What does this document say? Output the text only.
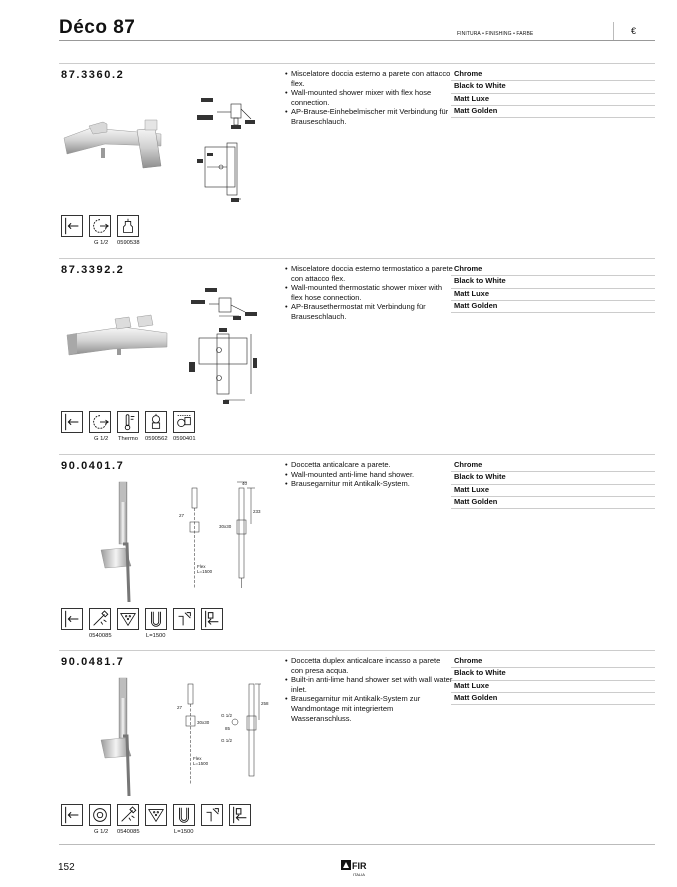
Déco 87	FINITURA • FINISHING • FARBE	€
87.3360.2	• Miscelatore doccia esterno a parete con attacco flex.
• Wall-mounted shower mixer with flex hose connection.
• AP-Brause-Einhebelmischer mit Verbindung für Brauseschlauch.
Chrome
Black to White
Matt Luxe
Matt Golden
G 1/2 0590538
87.3392.2	• Miscelatore doccia esterno termostatico a parete con attacco flex.
• Wall-mounted thermostatic shower mixer with flex hose connection.
• AP-Brausethermostat mit Verbindung für Brauseschlauch.
Chrome
Black to White
Matt Luxe
Matt Golden
G 1/2 Thermo 0590562 0590401
90.0401.7	• Doccetta anticalcare a parete.
• Wall-mounted anti-lime hand shower.
• Brausegarnitur mit Antikalk-System.
Chrome
Black to White
Matt Luxe
Matt Golden
27
40
233
30x30
Flex
L=1500
0540085	L=1500
90.0481.7	• Doccetta duplex anticalcare incasso a parete con presa acqua.
• Built-in anti-lime hand shower set with wall water inlet.
• Brausegarnitur mit Antikalk-System zur Wandmontage mit integriertem Wasseranschluss.
Chrome
Black to White
Matt Luxe
Matt Golden
27
258
30x30
G 1/2
85
G 1/2
Flex
L=1500
G 1/2 0540085	L=1500
152	FIR
ITALIA
